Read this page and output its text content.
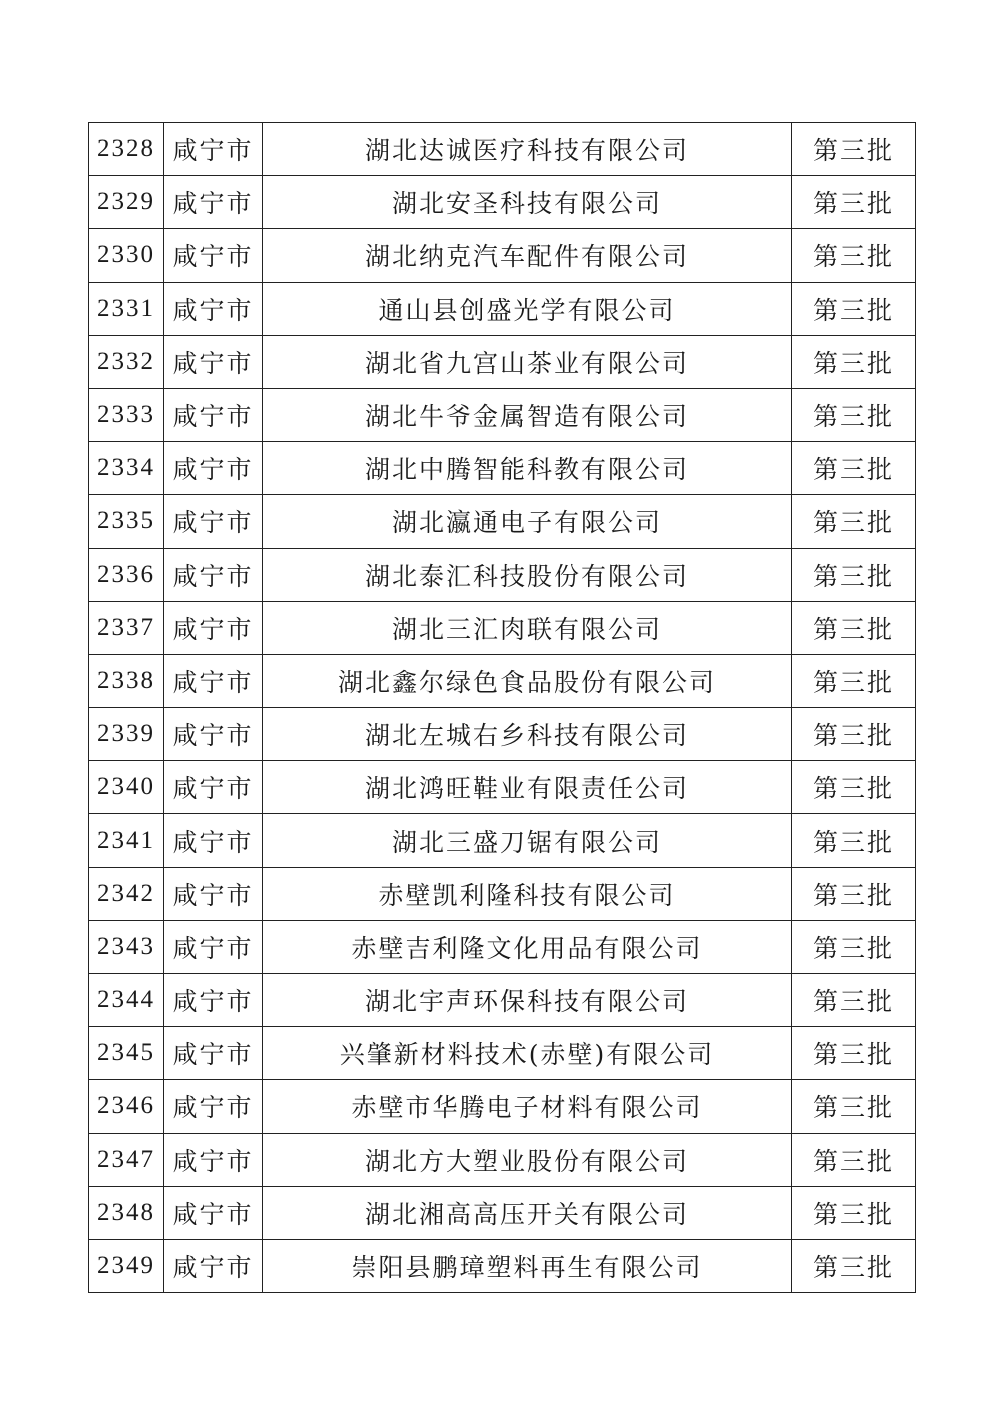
2328	咸宁市	湖北达诚医疗科技有限公司	第三批
2329	咸宁市	湖北安圣科技有限公司	第三批
2330	咸宁市	湖北纳克汽车配件有限公司	第三批
2331	咸宁市	通山县创盛光学有限公司	第三批
2332	咸宁市	湖北省九宫山茶业有限公司	第三批
2333	咸宁市	湖北牛爷金属智造有限公司	第三批
2334	咸宁市	湖北中腾智能科教有限公司	第三批
2335	咸宁市	湖北瀛通电子有限公司	第三批
2336	咸宁市	湖北泰汇科技股份有限公司	第三批
2337	咸宁市	湖北三汇肉联有限公司	第三批
2338	咸宁市	湖北鑫尔绿色食品股份有限公司	第三批
2339	咸宁市	湖北左城右乡科技有限公司	第三批
2340	咸宁市	湖北鸿旺鞋业有限责任公司	第三批
2341	咸宁市	湖北三盛刀锯有限公司	第三批
2342	咸宁市	赤壁凯利隆科技有限公司	第三批
2343	咸宁市	赤壁吉利隆文化用品有限公司	第三批
2344	咸宁市	湖北宇声环保科技有限公司	第三批
2345	咸宁市	兴肇新材料技术(赤壁)有限公司	第三批
2346	咸宁市	赤壁市华腾电子材料有限公司	第三批
2347	咸宁市	湖北方大塑业股份有限公司	第三批
2348	咸宁市	湖北湘高高压开关有限公司	第三批
2349	咸宁市	崇阳县鹏璋塑料再生有限公司	第三批
